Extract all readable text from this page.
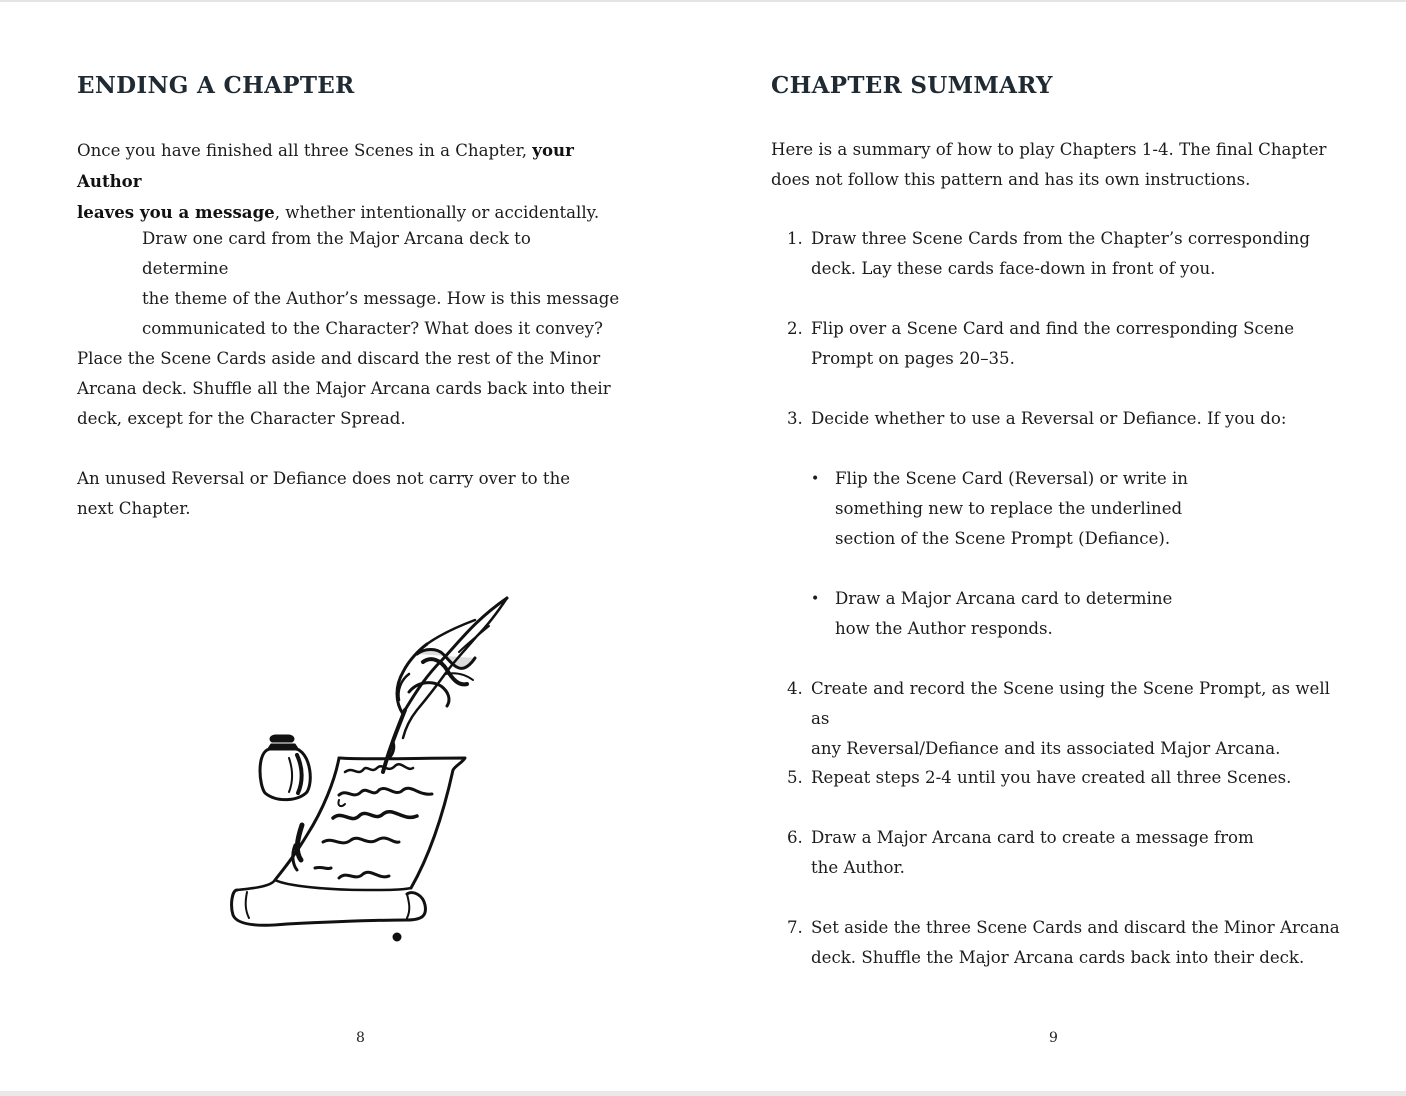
ENDING A CHAPTER

Once you have finished all three Scenes in a Chapter, your Author
leaves you a message, whether intentionally or accidentally.

Draw one card from the Major Arcana deck to determine
the theme of the Author’s message. How is this message
communicated to the Character? What does it convey?

Place the Scene Cards aside and discard the rest of the Minor
Arcana deck. Shuffle all the Major Arcana cards back into their
deck, except for the Character Spread.

An unused Reversal or Defiance does not carry over to the
next Chapter.

8
CHAPTER SUMMARY

Here is a summary of how to play Chapters 1-4. The final Chapter
does not follow this pattern and has its own instructions.

1. Draw three Scene Cards from the Chapter’s corresponding
deck. Lay these cards face-down in front of you.
2. Flip over a Scene Card and find the corresponding Scene
Prompt on pages 20–35.
3. Decide whether to use a Reversal or Defiance. If you do:
• Flip the Scene Card (Reversal) or write in
something new to replace the underlined
section of the Scene Prompt (Defiance).
• Draw a Major Arcana card to determine
how the Author responds.
4. Create and record the Scene using the Scene Prompt, as well as
any Reversal/Defiance and its associated Major Arcana.
5. Repeat steps 2-4 until you have created all three Scenes.
6. Draw a Major Arcana card to create a message from
the Author.
7. Set aside the three Scene Cards and discard the Minor Arcana
deck. Shuffle the Major Arcana cards back into their deck.
9
